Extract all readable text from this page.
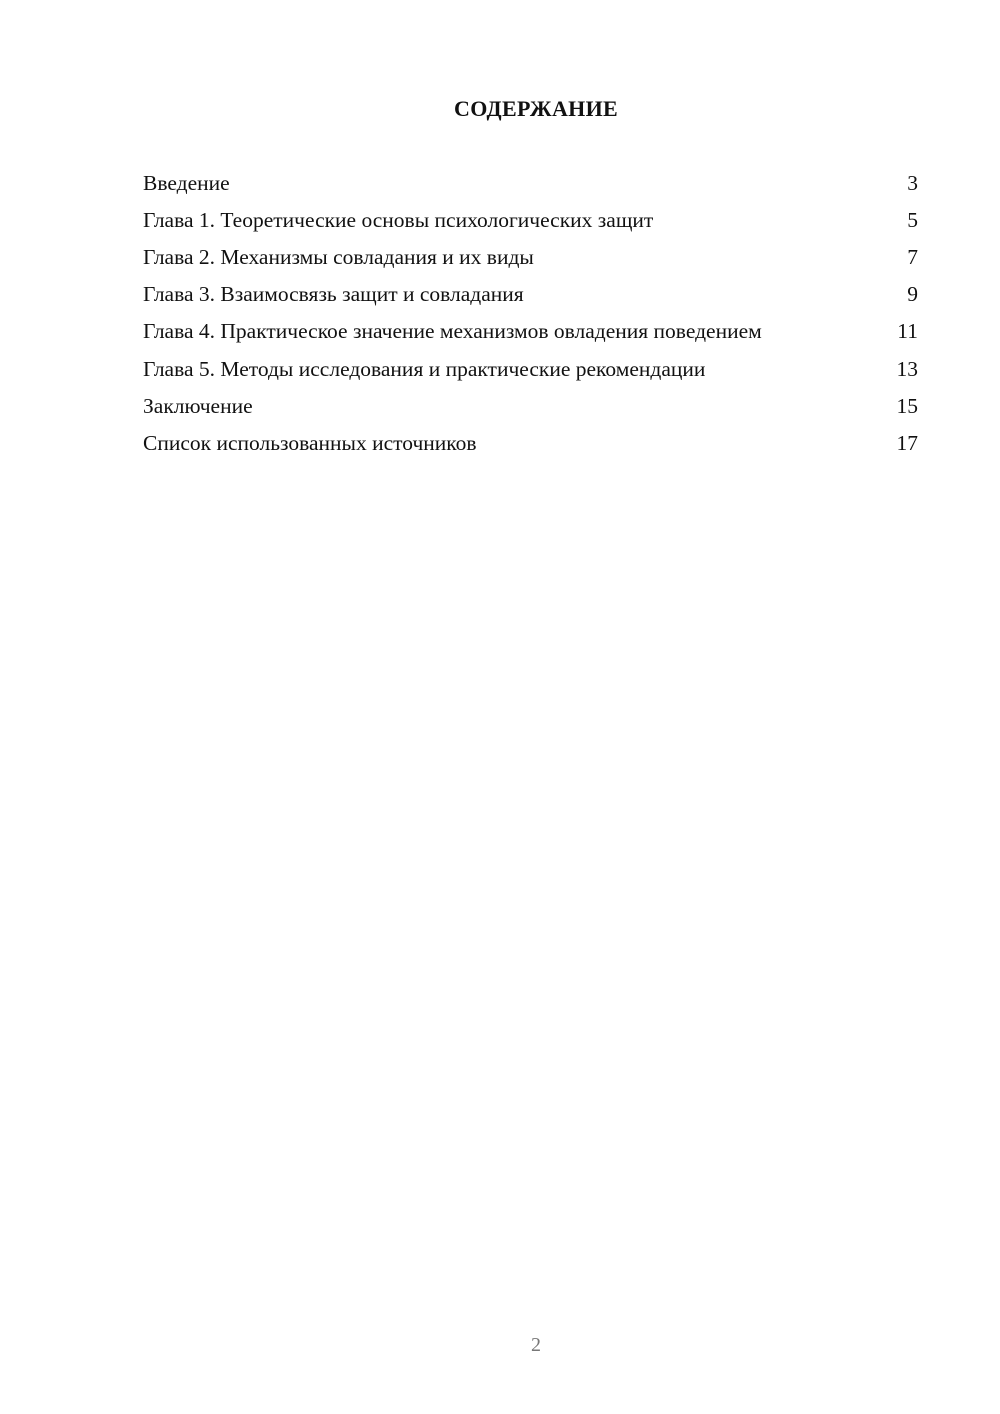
СОДЕРЖАНИЕ
Введение	3
Глава 1. Теоретические основы психологических защит	5
Глава 2. Механизмы совладания и их виды	7
Глава 3. Взаимосвязь защит и совладания	9
Глава 4. Практическое значение механизмов овладения поведением	11
Глава 5. Методы исследования и практические рекомендации	13
Заключение	15
Список использованных источников	17

2
